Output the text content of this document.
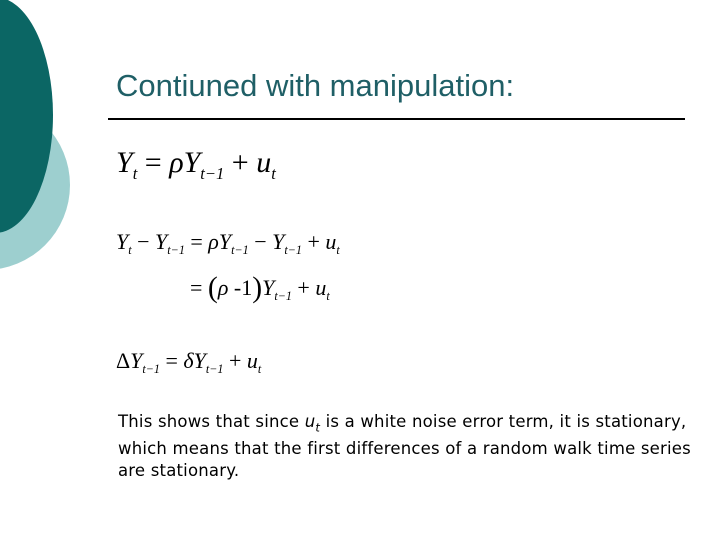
Contiuned with manipulation:
$Y_t = \rho Y_{t-1} + u_t$
$Y_t - Y_{t-1} = \rho Y_{t-1} - Y_{t-1} + u_t$
= (ρ $-1)Y_{t-1} + u_t$
$\Delta Y_{t-1} = \delta Y_{t-1} + u_t$
This shows that since $u_t$ is a white noise error term, it is stationary, which means that the first differences of a random walk time series are stationary.
